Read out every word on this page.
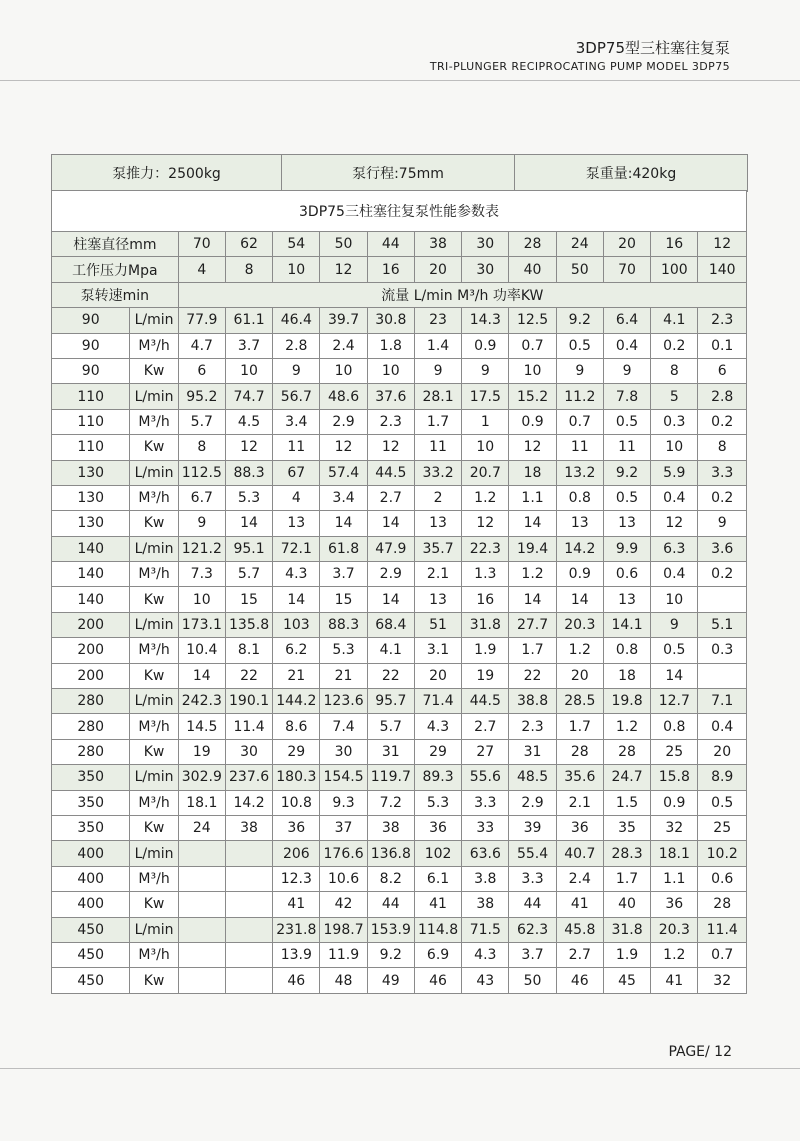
3DP75型三柱塞往复泵
TRI-PLUNGER RECIPROCATING PUMP MODEL 3DP75
泵推力：2500kg	泵行程:75mm	泵重量:420kg
3DP75三柱塞往复泵性能参数表													
柱塞直径mm		70	62	54	50	44	38	30	28	24	20	16	12
工作压力Mpa		4	8	10	12	16	20	30	40	50	70	100	140
泵转速min		流量 L/min M³/h 功率KW											
90	L/min	77.9	61.1	46.4	39.7	30.8	23	14.3	12.5	9.2	6.4	4.1	2.3
90	M³/h	4.7	3.7	2.8	2.4	1.8	1.4	0.9	0.7	0.5	0.4	0.2	0.1
90	Kw	6	10	9	10	10	9	9	10	9	9	8	6
110	L/min	95.2	74.7	56.7	48.6	37.6	28.1	17.5	15.2	11.2	7.8	5	2.8
110	M³/h	5.7	4.5	3.4	2.9	2.3	1.7	1	0.9	0.7	0.5	0.3	0.2
110	Kw	8	12	11	12	12	11	10	12	11	11	10	8
130	L/min	112.5	88.3	67	57.4	44.5	33.2	20.7	18	13.2	9.2	5.9	3.3
130	M³/h	6.7	5.3	4	3.4	2.7	2	1.2	1.1	0.8	0.5	0.4	0.2
130	Kw	9	14	13	14	14	13	12	14	13	13	12	9
140	L/min	121.2	95.1	72.1	61.8	47.9	35.7	22.3	19.4	14.2	9.9	6.3	3.6
140	M³/h	7.3	5.7	4.3	3.7	2.9	2.1	1.3	1.2	0.9	0.6	0.4	0.2
140	Kw	10	15	14	15	14	13	16	14	14	13	10	
200	L/min	173.1	135.8	103	88.3	68.4	51	31.8	27.7	20.3	14.1	9	5.1
200	M³/h	10.4	8.1	6.2	5.3	4.1	3.1	1.9	1.7	1.2	0.8	0.5	0.3
200	Kw	14	22	21	21	22	20	19	22	20	18	14	
280	L/min	242.3	190.1	144.2	123.6	95.7	71.4	44.5	38.8	28.5	19.8	12.7	7.1
280	M³/h	14.5	11.4	8.6	7.4	5.7	4.3	2.7	2.3	1.7	1.2	0.8	0.4
280	Kw	19	30	29	30	31	29	27	31	28	28	25	20
350	L/min	302.9	237.6	180.3	154.5	119.7	89.3	55.6	48.5	35.6	24.7	15.8	8.9
350	M³/h	18.1	14.2	10.8	9.3	7.2	5.3	3.3	2.9	2.1	1.5	0.9	0.5
350	Kw	24	38	36	37	38	36	33	39	36	35	32	25
400	L/min			206	176.6	136.8	102	63.6	55.4	40.7	28.3	18.1	10.2
400	M³/h			12.3	10.6	8.2	6.1	3.8	3.3	2.4	1.7	1.1	0.6
400	Kw			41	42	44	41	38	44	41	40	36	28
450	L/min			231.8	198.7	153.9	114.8	71.5	62.3	45.8	31.8	20.3	11.4
450	M³/h			13.9	11.9	9.2	6.9	4.3	3.7	2.7	1.9	1.2	0.7
450	Kw			46	48	49	46	43	50	46	45	41	32
PAGE/ 12
